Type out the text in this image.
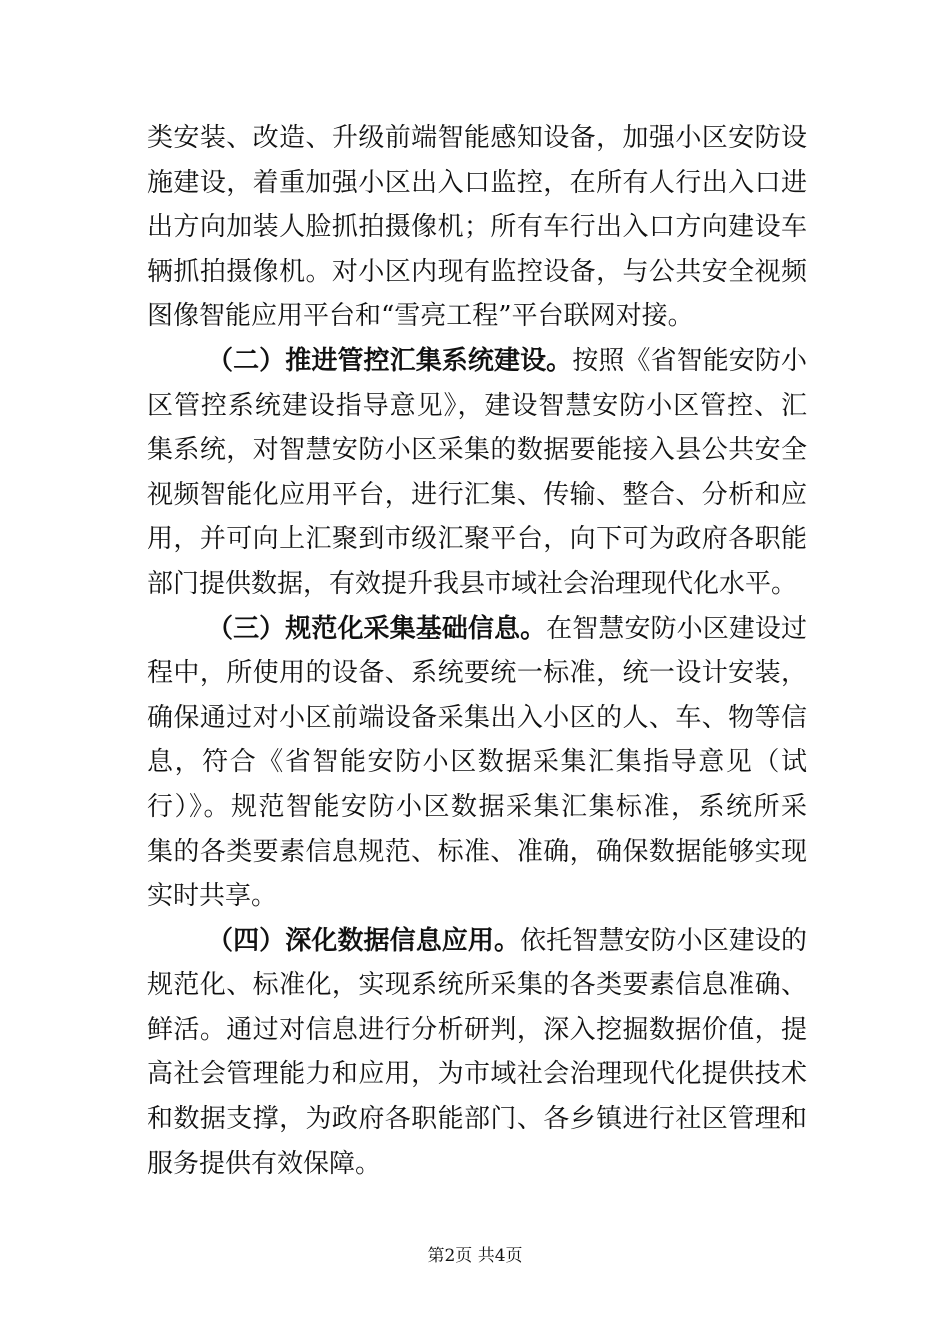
类安装、改造、升级前端智能感知设备，加强小区安防设
施建设，着重加强小区出入口监控，在所有人行出入口进
出方向加装人脸抓拍摄像机；所有车行出入口方向建设车
辆抓拍摄像机。对小区内现有监控设备，与公共安全视频
图像智能应用平台和“雪亮工程”平台联网对接。
（二）推进管控汇集系统建设。按照《省智能安防小
区管控系统建设指导意见》，建设智慧安防小区管控、汇
集系统，对智慧安防小区采集的数据要能接入县公共安全
视频智能化应用平台，进行汇集、传输、整合、分析和应
用，并可向上汇聚到市级汇聚平台，向下可为政府各职能
部门提供数据，有效提升我县市域社会治理现代化水平。
（三）规范化采集基础信息。在智慧安防小区建设过
程中，所使用的设备、系统要统一标准，统一设计安装，
确保通过对小区前端设备采集出入小区的人、车、物等信
息，符合《省智能安防小区数据采集汇集指导意见（试
行）》。规范智能安防小区数据采集汇集标准，系统所采
集的各类要素信息规范、标准、准确，确保数据能够实现
实时共享。
（四）深化数据信息应用。依托智慧安防小区建设的
规范化、标准化，实现系统所采集的各类要素信息准确、
鲜活。通过对信息进行分析研判，深入挖掘数据价值，提
高社会管理能力和应用，为市域社会治理现代化提供技术
和数据支撑，为政府各职能部门、各乡镇进行社区管理和
服务提供有效保障。
第2页 共4页
